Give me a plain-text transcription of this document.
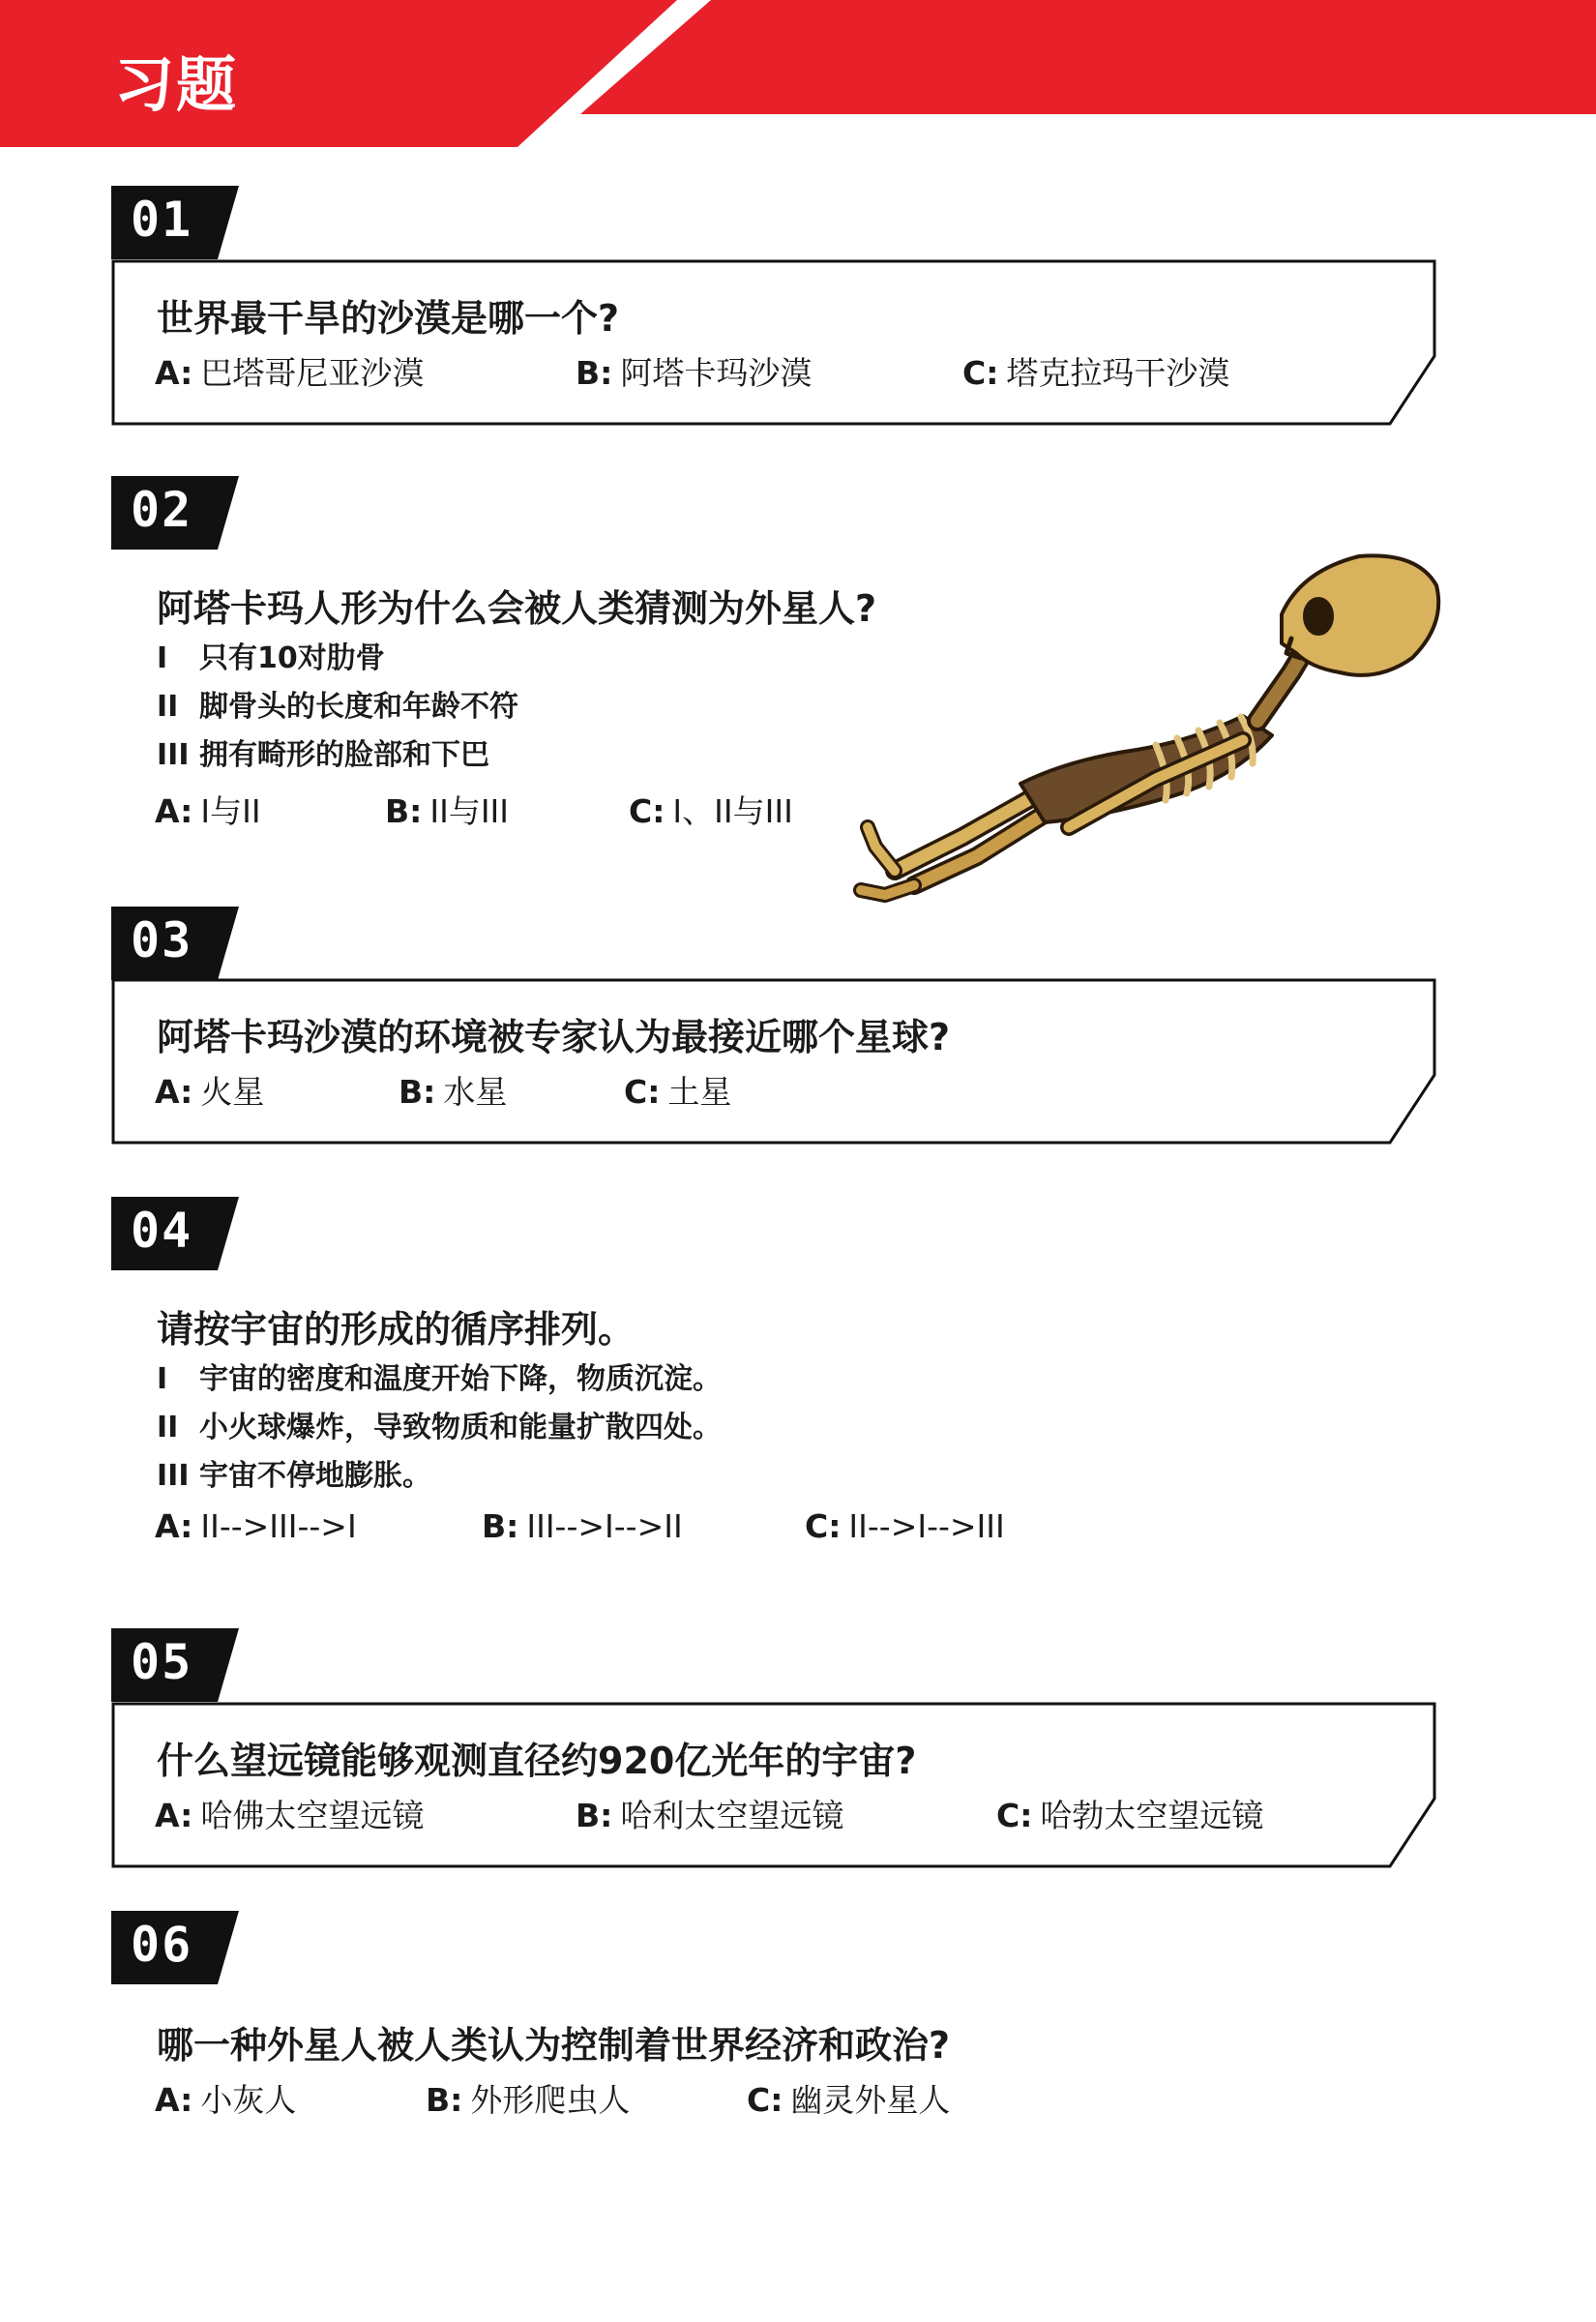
习题
01
世界最干旱的沙漠是哪一个?
A: 巴塔哥尼亚沙漠	B: 阿塔卡玛沙漠	C: 塔克拉玛干沙漠
02
阿塔卡玛人形为什么会被人类猜测为外星人?
I 只有10对肋骨
II 脚骨头的长度和年龄不符
III 拥有畸形的脸部和下巴
A: I与II	B: II与III	C: I、II与III
03
阿塔卡玛沙漠的环境被专家认为最接近哪个星球?
A: 火星	B: 水星	C: 土星
04
请按宇宙的形成的循序排列。
I 宇宙的密度和温度开始下降，物质沉淀。
II 小火球爆炸，导致物质和能量扩散四处。
III 宇宙不停地膨胀。
A: II-->III-->I	B: III-->I-->II	C: II-->I-->III
05
什么望远镜能够观测直径约920亿光年的宇宙?
A: 哈佛太空望远镜	B: 哈利太空望远镜	C: 哈勃太空望远镜
06
哪一种外星人被人类认为控制着世界经济和政治?
A: 小灰人	B: 外形爬虫人	C: 幽灵外星人
